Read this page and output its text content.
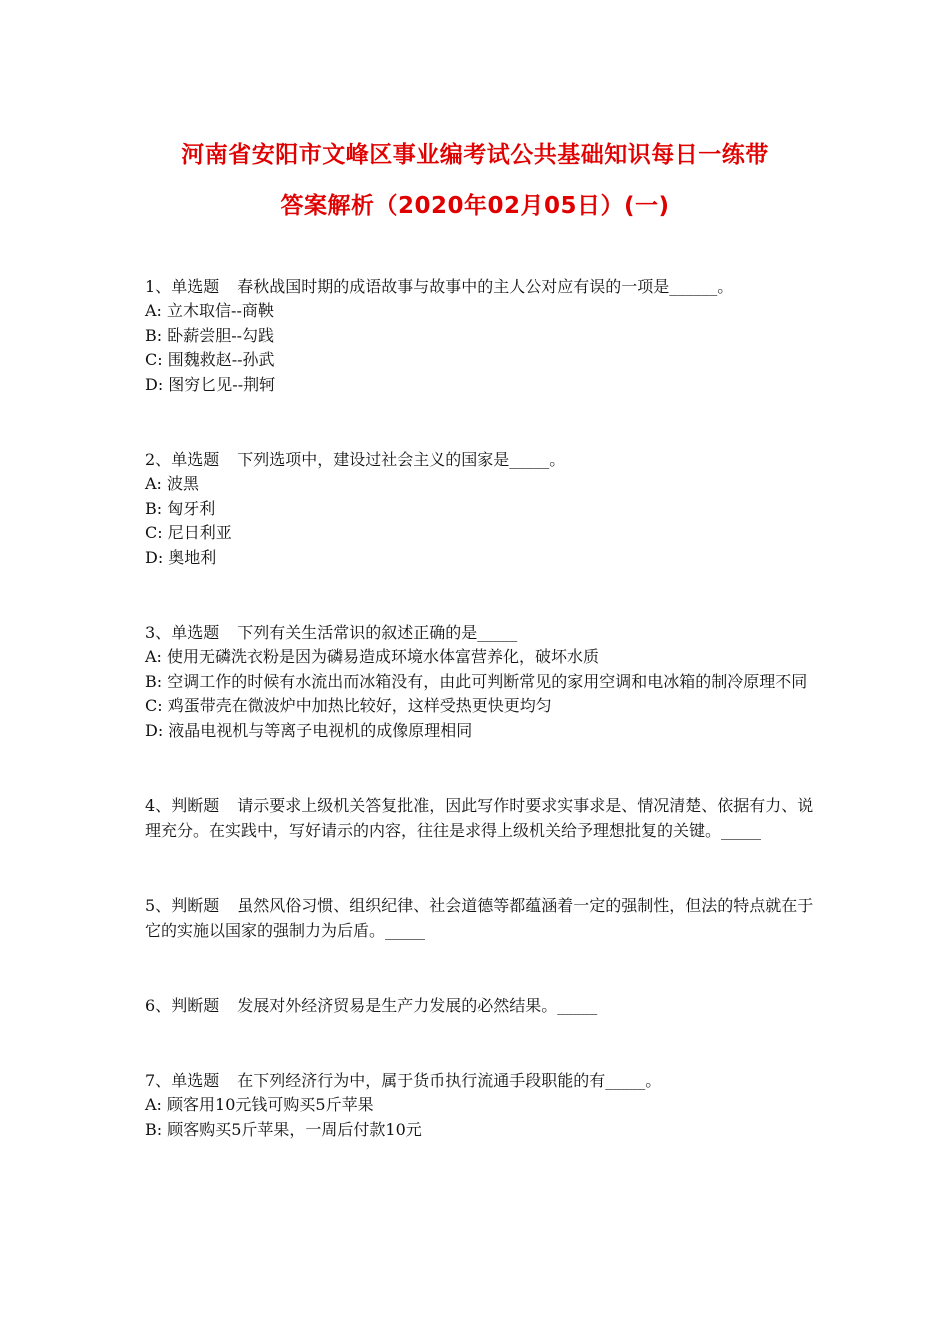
河南省安阳市文峰区事业编考试公共基础知识每日一练带
答案解析（2020年02月05日）(一)

1、单选题 春秋战国时期的成语故事与故事中的主人公对应有误的一项是______。

A: 立木取信--商鞅
B: 卧薪尝胆--勾践
C: 围魏救赵--孙武
D: 图穷匕见--荆轲

2、单选题 下列选项中，建设过社会主义的国家是_____。

A: 波黑
B: 匈牙利
C: 尼日利亚
D: 奥地利

3、单选题 下列有关生活常识的叙述正确的是_____

A: 使用无磷洗衣粉是因为磷易造成环境水体富营养化，破坏水质
B: 空调工作的时候有水流出而冰箱没有，由此可判断常见的家用空调和电冰箱的制冷原理不同
C: 鸡蛋带壳在微波炉中加热比较好，这样受热更快更均匀
D: 液晶电视机与等离子电视机的成像原理相同

4、判断题 请示要求上级机关答复批准，因此写作时要求实事求是、情况清楚、依据有力、说理充分。在实践中，写好请示的内容，往往是求得上级机关给予理想批复的关键。_____

5、判断题 虽然风俗习惯、组织纪律、社会道德等都蕴涵着一定的强制性，但法的特点就在于它的实施以国家的强制力为后盾。_____

6、判断题 发展对外经济贸易是生产力发展的必然结果。_____

7、单选题 在下列经济行为中，属于货币执行流通手段职能的有_____。

A: 顾客用10元钱可购买5斤苹果
B: 顾客购买5斤苹果，一周后付款10元
